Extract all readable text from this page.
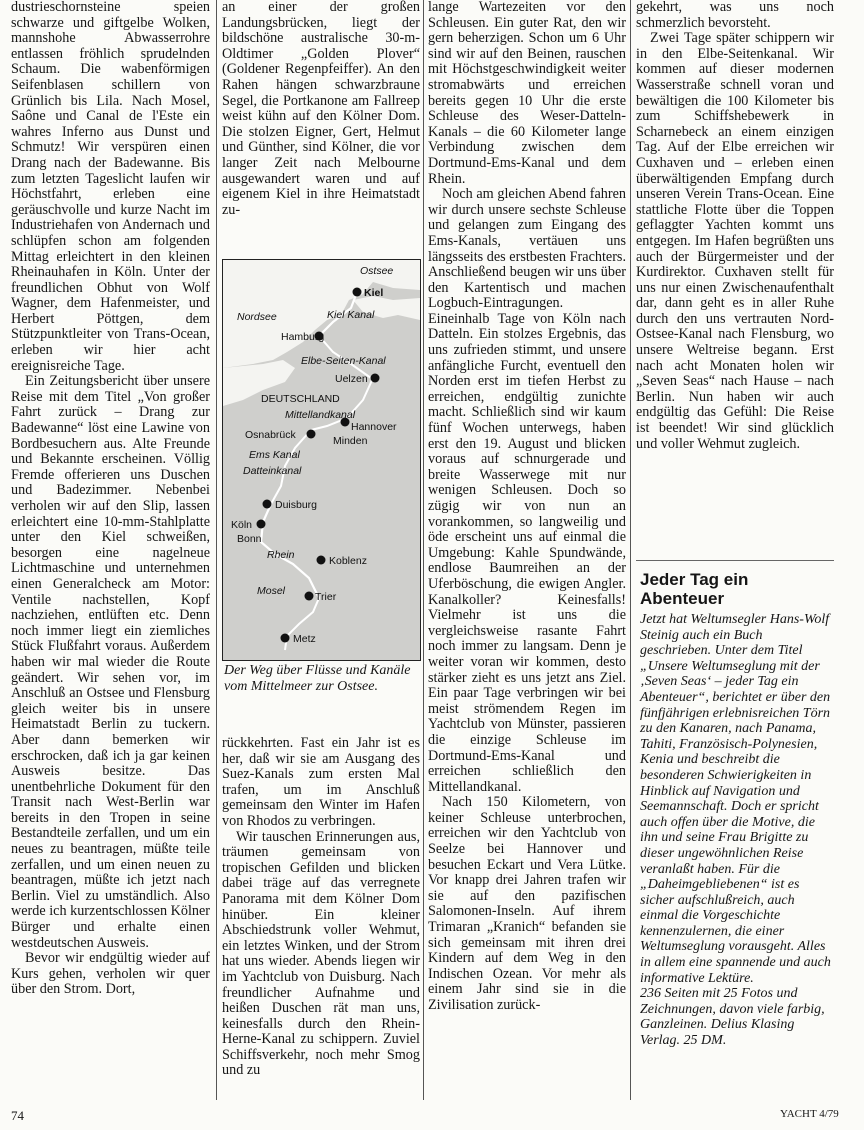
dustrieschornsteine speien schwarze und giftgelbe Wolken, mannshohe Abwasserrohre entlassen fröhlich sprudelnden Schaum. Die wabenförmigen Seifenblasen schillern von Grünlich bis Lila. Nach Mosel, Saône und Canal de l'Este ein wahres Inferno aus Dunst und Schmutz! Wir verspüren einen Drang nach der Badewanne. Bis zum letzten Tageslicht laufen wir Höchstfahrt, erleben eine geräuschvolle und kurze Nacht im Industriehafen von Andernach und schlüpfen schon am folgenden Mittag erleichtert in den kleinen Rheinauhafen in Köln. Unter der freundlichen Obhut von Wolf Wagner, dem Hafenmeister, und Herbert Pöttgen, dem Stützpunktleiter von Trans-Ocean, erleben wir hier acht ereignisreiche Tage.

Ein Zeitungsbericht über unsere Reise mit dem Titel „Von großer Fahrt zurück – Drang zur Badewanne“ löst eine Lawine von Bordbesuchern aus. Alte Freunde und Bekannte erscheinen. Völlig Fremde offerieren uns Duschen und Badezimmer. Nebenbei verholen wir auf den Slip, lassen erleichtert eine 10-mm-Stahlplatte unter den Kiel schweißen, besorgen eine nagelneue Lichtmaschine und unternehmen einen Generalcheck am Motor: Ventile nachstellen, Kopf nachziehen, entlüften etc. Denn noch immer liegt ein ziemliches Stück Flußfahrt voraus. Außerdem haben wir mal wieder die Route geändert. Wir sehen vor, im Anschluß an Ostsee und Flensburg gleich weiter bis in unsere Heimatstadt Berlin zu tuckern. Aber dann bemerken wir erschrocken, daß ich ja gar keinen Ausweis besitze. Das unentbehrliche Dokument für den Transit nach West-Berlin war bereits in den Tropen in seine Bestandteile zerfallen, und um ein neues zu beantragen, müßte teile zerfallen, und um einen neuen zu beantragen, müßte ich jetzt nach Berlin. Viel zu umständlich. Also werde ich kurzentschlossen Kölner Bürger und erhalte einen westdeutschen Ausweis.

Bevor wir endgültig wieder auf Kurs gehen, verholen wir quer über den Strom. Dort,

an einer der großen Landungsbrücken, liegt der bildschöne australische 30-m-Oldtimer „Golden Plover“ (Goldener Regenpfeiffer). An den Rahen hängen schwarzbraune Segel, die Portkanone am Fallreep weist kühn auf den Kölner Dom. Die stolzen Eigner, Gert, Helmut und Günther, sind Kölner, die vor langer Zeit nach Melbourne ausgewandert waren und auf eigenem Kiel in ihre Heimatstadt zu-

Ostsee
Nordsee
Kiel
Kiel Kanal
Hamburg
Elbe-Seiten-Kanal
Uelzen
DEUTSCHLAND
Mittellandkanal
Hannover
Osnabrück	Minden
Ems Kanal
Datteinkanal
Duisburg
Köln
Bonn
Rhein	Koblenz
Mosel	Trier
Metz
Der Weg über Flüsse und Kanäle vom Mittelmeer zur Ostsee.

rückkehrten. Fast ein Jahr ist es her, daß wir sie am Ausgang des Suez-Kanals zum ersten Mal trafen, um im Anschluß gemeinsam den Winter im Hafen von Rhodos zu verbringen.

Wir tauschen Erinnerungen aus, träumen gemeinsam von tropischen Gefilden und blicken dabei träge auf das verregnete Panorama mit dem Kölner Dom hinüber. Ein kleiner Abschiedstrunk voller Wehmut, ein letztes Winken, und der Strom hat uns wieder. Abends liegen wir im Yachtclub von Duisburg. Nach freundlicher Aufnahme und heißen Duschen rät man uns, keinesfalls durch den Rhein-Herne-Kanal zu schippern. Zuviel Schiffsverkehr, noch mehr Smog und zu

lange Wartezeiten vor den Schleusen. Ein guter Rat, den wir gern beherzigen. Schon um 6 Uhr sind wir auf den Beinen, rauschen mit Höchstgeschwindigkeit weiter stromabwärts und erreichen bereits gegen 10 Uhr die erste Schleuse des Weser-Datteln-Kanals – die 60 Kilometer lange Verbindung zwischen dem Dortmund-Ems-Kanal und dem Rhein.

Noch am gleichen Abend fahren wir durch unsere sechste Schleuse und gelangen zum Eingang des Ems-Kanals, vertäuen uns längsseits des erstbesten Frachters. Anschließend beugen wir uns über den Kartentisch und machen Logbuch-Eintragungen. Eineinhalb Tage von Köln nach Datteln. Ein stolzes Ergebnis, das uns zufrieden stimmt, und unsere anfängliche Furcht, eventuell den Norden erst im tiefen Herbst zu erreichen, endgültig zunichte macht. Schließlich sind wir kaum fünf Wochen unterwegs, haben erst den 19. August und blicken voraus auf schnurgerade und breite Wasserwege mit nur wenigen Schleusen. Doch so zügig wir von nun an vorankommen, so langweilig und öde erscheint uns auf einmal die Umgebung: Kahle Spundwände, endlose Baumreihen an der Uferböschung, die ewigen Angler. Kanalkoller? Keinesfalls! Vielmehr ist uns die vergleichsweise rasante Fahrt noch immer zu langsam. Denn je weiter voran wir kommen, desto stärker zieht es uns jetzt ans Ziel. Ein paar Tage verbringen wir bei meist strömendem Regen im Yachtclub von Münster, passieren die einzige Schleuse im Dortmund-Ems-Kanal und erreichen schließlich den Mittellandkanal.

Nach 150 Kilometern, von keiner Schleuse unterbrochen, erreichen wir den Yachtclub von Seelze bei Hannover und besuchen Eckart und Vera Lütke. Vor knapp drei Jahren trafen wir sie auf den pazifischen Salomonen-Inseln. Auf ihrem Trimaran „Kranich“ befanden sie sich gemeinsam mit ihren drei Kindern auf dem Weg in den Indischen Ozean. Vor mehr als einem Jahr sind sie in die Zivilisation zurück-

gekehrt, was uns noch schmerzlich bevorsteht.

Zwei Tage später schippern wir in den Elbe-Seitenkanal. Wir kommen auf dieser modernen Wasserstraße schnell voran und bewältigen die 100 Kilometer bis zum Schiffshebewerk in Scharnebeck an einem einzigen Tag. Auf der Elbe erreichen wir Cuxhaven und – erleben einen überwältigenden Empfang durch unseren Verein Trans-Ocean. Eine stattliche Flotte über die Toppen geflaggter Yachten kommt uns entgegen. Im Hafen begrüßten uns auch der Bürgermeister und der Kurdirektor. Cuxhaven stellt für uns nur einen Zwischenaufenthalt dar, dann geht es in aller Ruhe durch den uns vertrauten Nord-Ostsee-Kanal nach Flensburg, wo unsere Weltreise begann. Erst nach acht Monaten holen wir „Seven Seas“ nach Hause – nach Berlin. Nun haben wir auch endgültig das Gefühl: Die Reise ist beendet! Wir sind glücklich und voller Wehmut zugleich.

Jeder Tag ein Abenteuer
Jetzt hat Weltumsegler Hans-Wolf Steinig auch ein Buch geschrieben. Unter dem Titel „Unsere Weltumseglung mit der ‚Seven Seas‘ – jeder Tag ein Abenteuer“, berichtet er über den fünfjährigen erlebnisreichen Törn zu den Kanaren, nach Panama, Tahiti, Französisch-Polynesien, Kenia und beschreibt die besonderen Schwierigkeiten in Hinblick auf Navigation und Seemannschaft. Doch er spricht auch offen über die Motive, die ihn und seine Frau Brigitte zu dieser ungewöhnlichen Reise veranlaßt haben. Für die „Daheimgebliebenen“ ist es sicher aufschlußreich, auch einmal die Vorgeschichte kennenzulernen, die einer Weltumseglung vorausgeht. Alles in allem eine spannende und auch informative Lektüre.
236 Seiten mit 25 Fotos und Zeichnungen, davon viele farbig, Ganzleinen. Delius Klasing Verlag. 25 DM.
74	YACHT 4/79
